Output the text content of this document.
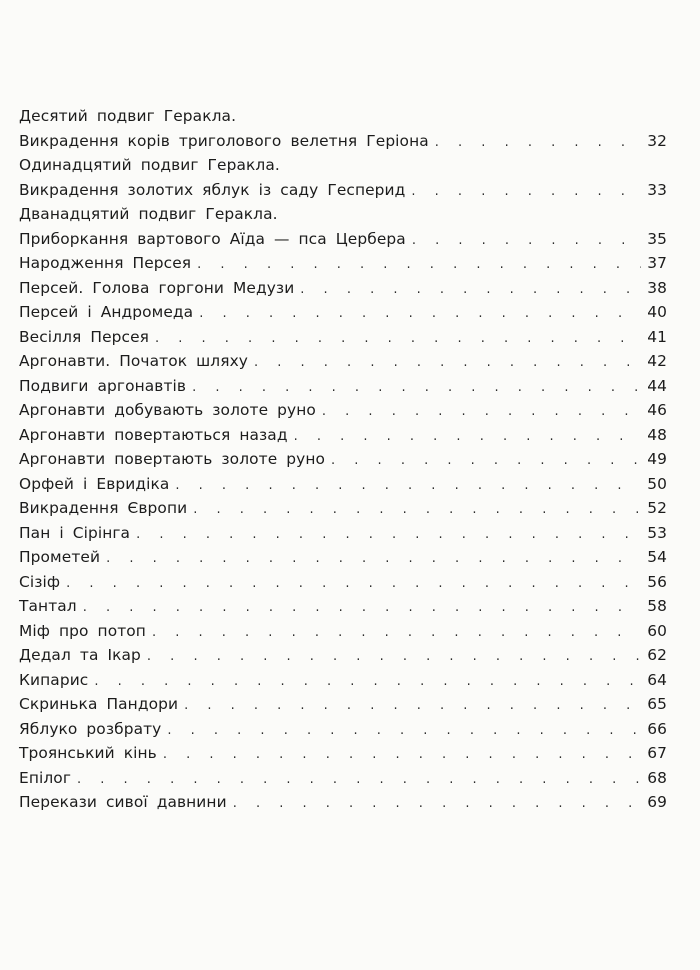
Десятий подвиг Геракла.
Викрадення корів триголового велетня Геріона . . .	32
Одинадцятий подвиг Геракла.
Викрадення золотих яблук із саду Гесперид . . .	33
Дванадцятий подвиг Геракла.
Приборкання вартового Аїда — пса Цербера . . .	35
Народження Персея . . .	37
Персей. Голова горгони Медузи . . .	38
Персей і Андромеда . . .	40
Весілля Персея . . .	41
Аргонавти. Початок шляху . . .	42
Подвиги аргонавтів . . .	44
Аргонавти добувають золоте руно . . .	46
Аргонавти повертаються назад . . .	48
Аргонавти повертають золоте руно . . .	49
Орфей і Евридіка . . .	50
Викрадення Європи . . .	52
Пан і Сірінга . . .	53
Прометей . . .	54
Сізіф . . .	56
Тантал . . .	58
Міф про потоп . . .	60
Дедал та Ікар . . .	62
Кипарис . . .	64
Скринька Пандори . . .	65
Яблуко розбрату . . .	66
Троянський кінь . . .	67
Епілог . . .	68
Перекази сивої давнини . . .	69
